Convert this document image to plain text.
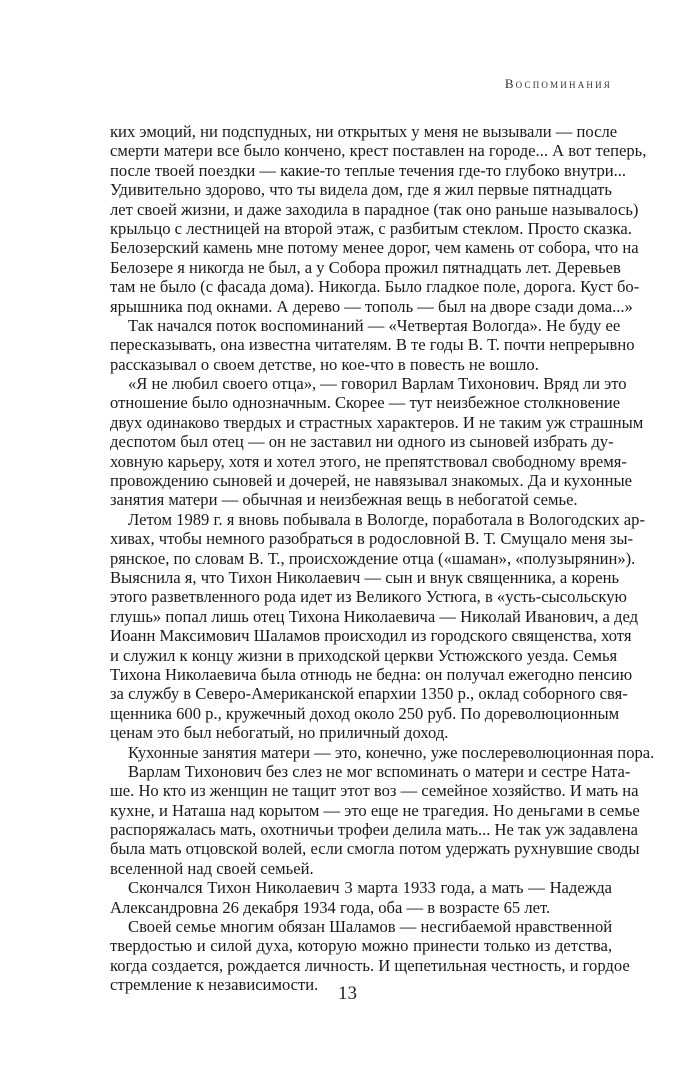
Воспоминания
ких эмоций, ни подспудных, ни открытых у меня не вызывали — после
смерти матери все было кончено, крест поставлен на городе... А вот теперь,
после твоей поездки — какие-то теплые течения где-то глубоко внутри...
Удивительно здорово, что ты видела дом, где я жил первые пятнадцать
лет своей жизни, и даже заходила в парадное (так оно раньше называлось)
крыльцо с лестницей на второй этаж, с разбитым стеклом. Просто сказка.
Белозерский камень мне потому менее дорог, чем камень от собора, что на
Белозере я никогда не был, а у Собора прожил пятнадцать лет. Деревьев
там не было (с фасада дома). Никогда. Было гладкое поле, дорога. Куст бо-
ярышника под окнами. А дерево — тополь — был на дворе сзади дома...»
Так начался поток воспоминаний — «Четвертая Вологда». Не буду ее
пересказывать, она известна читателям. В те годы В. Т. почти непрерывно
рассказывал о своем детстве, но кое-что в повесть не вошло.
«Я не любил своего отца», — говорил Варлам Тихонович. Вряд ли это
отношение было однозначным. Скорее — тут неизбежное столкновение
двух одинаково твердых и страстных характеров. И не таким уж страшным
деспотом был отец — он не заставил ни одного из сыновей избрать ду-
ховную карьеру, хотя и хотел этого, не препятствовал свободному время-
провождению сыновей и дочерей, не навязывал знакомых. Да и кухонные
занятия матери — обычная и неизбежная вещь в небогатой семье.
Летом 1989 г. я вновь побывала в Вологде, поработала в Вологодских ар-
хивах, чтобы немного разобраться в родословной В. Т. Смущало меня зы-
рянское, по словам В. Т., происхождение отца («шаман», «полузырянин»).
Выяснила я, что Тихон Николаевич — сын и внук священника, а корень
этого разветвленного рода идет из Великого Устюга, в «усть-сысольскую
глушь» попал лишь отец Тихона Николаевича — Николай Иванович, а дед
Иоанн Максимович Шаламов происходил из городского священства, хотя
и служил к концу жизни в приходской церкви Устюжского уезда. Семья
Тихона Николаевича была отнюдь не бедна: он получал ежегодно пенсию
за службу в Северо-Американской епархии 1350 р., оклад соборного свя-
щенника 600 р., кружечный доход около 250 руб. По дореволюционным
ценам это был небогатый, но приличный доход.
Кухонные занятия матери — это, конечно, уже послереволюционная пора.
Варлам Тихонович без слез не мог вспоминать о матери и сестре Ната-
ше. Но кто из женщин не тащит этот воз — семейное хозяйство. И мать на
кухне, и Наташа над корытом — это еще не трагедия. Но деньгами в семье
распоряжалась мать, охотничьи трофеи делила мать... Не так уж задавлена
была мать отцовской волей, если смогла потом удержать рухнувшие своды
вселенной над своей семьей.
Скончался Тихон Николаевич 3 марта 1933 года, а мать — Надежда
Александровна 26 декабря 1934 года, оба — в возрасте 65 лет.
Своей семье многим обязан Шаламов — несгибаемой нравственной
твердостью и силой духа, которую можно принести только из детства,
когда создается, рождается личность. И щепетильная честность, и гордое
стремление к независимости.	13
